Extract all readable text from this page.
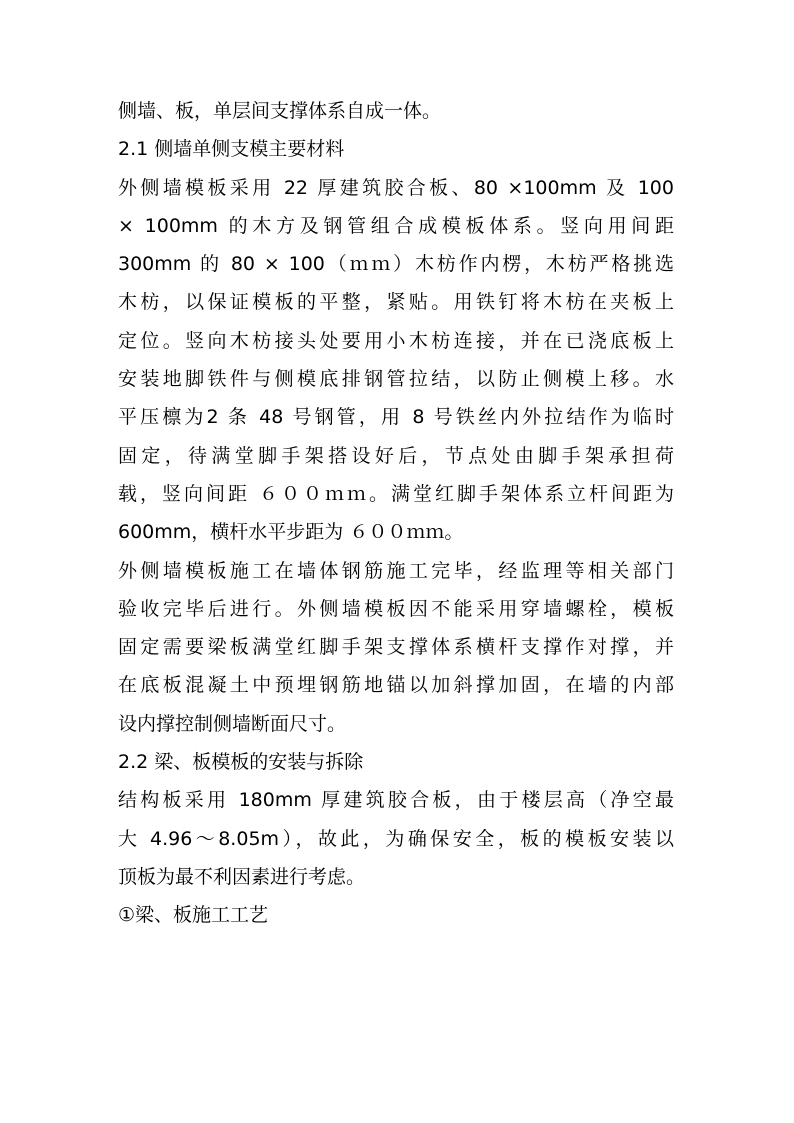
侧墙、板，单层间支撑体系自成一体。
2.1 侧墙单侧支模主要材料
外侧墙模板采用 22 厚建筑胶合板、80 ×100mm 及 100
× 100mm 的木方及钢管组合成模板体系。竖向用间距
300mm 的 80 × 100（ｍｍ）木枋作内楞，木枋严格挑选
木枋，以保证模板的平整，紧贴。用铁钉将木枋在夹板上
定位。竖向木枋接头处要用小木枋连接，并在已浇底板上
安装地脚铁件与侧模底排钢管拉结，以防止侧模上移。水
平压檩为2 条 48 号钢管，用 8 号铁丝内外拉结作为临时
固定，待满堂脚手架搭设好后，节点处由脚手架承担荷
载，竖向间距 ６００ｍｍ。满堂红脚手架体系立杆间距为
600mm，横杆水平步距为 ６００ｍｍ。
外侧墙模板施工在墙体钢筋施工完毕，经监理等相关部门
验收完毕后进行。外侧墙模板因不能采用穿墙螺栓，模板
固定需要梁板满堂红脚手架支撑体系横杆支撑作对撑，并
在底板混凝土中预埋钢筋地锚以加斜撑加固，在墙的内部
设内撑控制侧墙断面尺寸。
2.2 梁、板模板的安装与拆除
结构板采用 180mm 厚建筑胶合板，由于楼层高（净空最
大 4.96～8.05m），故此，为确保安全，板的模板安装以
顶板为最不利因素进行考虑。
①梁、板施工工艺
